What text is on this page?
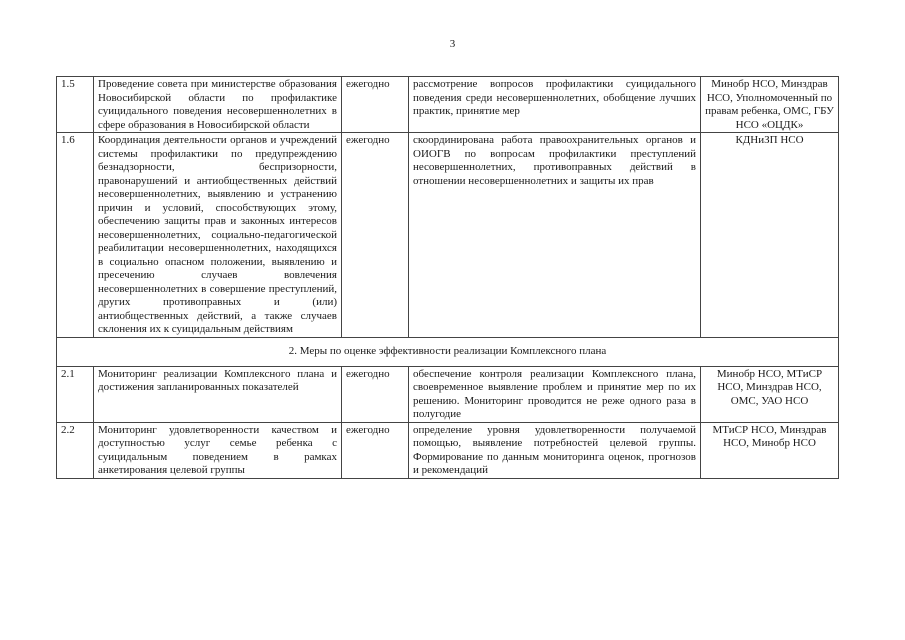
3
1.5	Проведение совета при министерстве образования Новосибирской области по профилактике суицидального поведения несовершеннолетних в сфере образования в Новосибирской области	ежегодно	рассмотрение вопросов профилактики суицидального поведения среди несовершеннолетних, обобщение лучших практик, принятие мер	Минобр НСО, Минздрав НСО, Уполномоченный по правам ребенка, ОМС, ГБУ НСО «ОЦДК»
1.6	Координация деятельности органов и учреждений системы профилактики по предупреждению безнадзорности, беспризорности, правонарушений и антиобщественных действий несовершеннолетних, выявлению и устранению причин и условий, способствующих этому, обеспечению защиты прав и законных интересов несовершеннолетних, социально-педагогической реабилитации несовершеннолетних, находящихся в социально опасном положении, выявлению и пресечению случаев вовлечения несовершеннолетних в совершение преступлений, других противоправных и (или) антиобщественных действий, а также случаев склонения их к суицидальным действиям	ежегодно	скоординирована работа правоохранительных органов и ОИОГВ по вопросам профилактики преступлений несовершеннолетних, противоправных действий в отношении несовершеннолетних и защиты их прав	КДНиЗП НСО
2. Меры по оценке эффективности реализации Комплексного плана				
2.1	Мониторинг реализации Комплексного плана и достижения запланированных показателей	ежегодно	обеспечение контроля реализации Комплексного плана, своевременное выявление проблем и принятие мер по их решению. Мониторинг проводится не реже одного раза в полугодие	Минобр НСО, МТиСР НСО, Минздрав НСО, ОМС, УАО НСО
2.2	Мониторинг удовлетворенности качеством и доступностью услуг семье ребенка с суицидальным поведением в рамках анкетирования целевой группы	ежегодно	определение уровня удовлетворенности получаемой помощью, выявление потребностей целевой группы. Формирование по данным мониторинга оценок, прогнозов и рекомендаций	МТиСР НСО, Минздрав НСО, Минобр НСО
